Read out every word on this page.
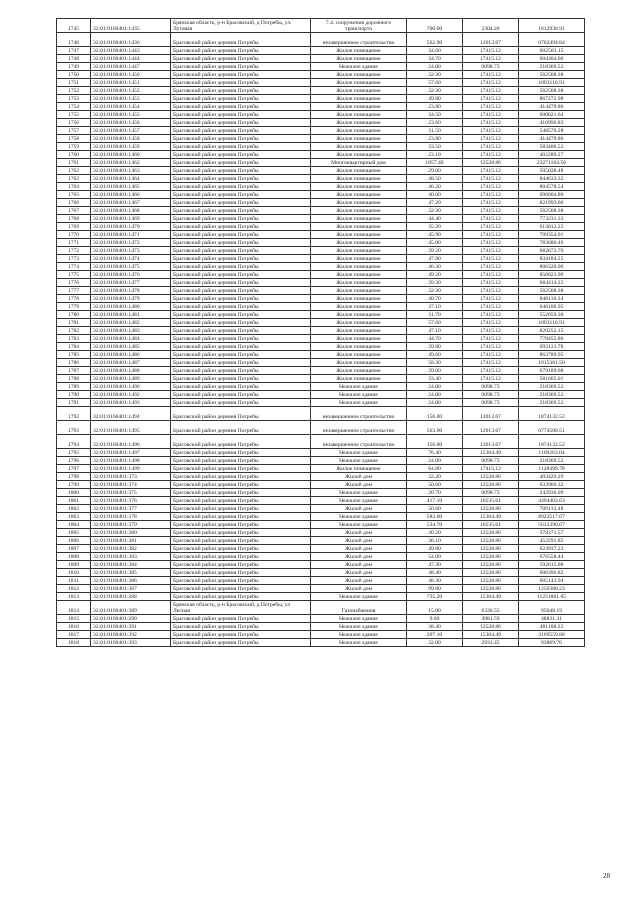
1745	32:01:0160401:1435	Брянская область, р-н Брасовский, д Погребы, ул. Луговая	7.4. сооружения дорожного транспорта	700.00	2304.20	1612938.91
1746	32:01:0160401:1436	Брасовский район деревня Погребы	незавершенное строительство	562.90	12013.67	6762494.84
1747	32:01:0160401:1443	Брасовский район деревня Погребы	Жилое помещение	34.60	17415.12	602563.15
1748	32:01:0160401:1444	Брасовский район деревня Погребы	Жилое помещение	34.70	17415.12	604304.66
1749	32:01:0160401:1447	Брасовский район деревня Погребы	Нежилое здание	24.00	9098.73	218369.52
1750	32:01:0160401:1450	Брасовский район деревня Погребы	Жилое помещение	32.30	17415.12	562508.38
1751	32:01:0160401:1451	Брасовский район деревня Погребы	Жилое помещение	57.60	17415.12	1003110.91
1752	32:01:0160401:1452	Брасовский район деревня Погребы	Жилое помещение	32.30	17415.12	562508.38
1753	32:01:0160401:1453	Брасовский район деревня Погребы	Жилое помещение	49.80	17415.12	867272.98
1754	32:01:0160401:1454	Брасовский район деревня Погребы	Жилое помещение	23.80	17415.12	414479.86
1755	32:01:0160401:1455	Брасовский район деревня Погребы	Жилое помещение	34.50	17415.12	600821.64
1756	32:01:0160401:1456	Брасовский район деревня Погребы	Жилое помещение	23.60	17415.12	410996.83
1757	32:01:0160401:1457	Брасовский район деревня Погребы	Жилое помещение	31.50	17415.12	548576.28
1758	32:01:0160401:1458	Брасовский район деревня Погребы	Жилое помещение	23.80	17415.12	414479.86
1759	32:01:0160401:1459	Брасовский район деревня Погребы	Жилое помещение	33.50	17415.12	583406.52
1760	32:01:0160401:1460	Брасовский район деревня Погребы	Жилое помещение	23.10	17415.12	402289.27
1761	32:01:0160401:1462	Брасовский район деревня Погребы	Многоквартирный дом	1857.40	12528.86	23271104.56
1762	32:01:0160401:1463	Брасовский район деревня Погребы	Жилое помещение	29.00	17415.12	505038.48
1763	32:01:0160401:1464	Брасовский район деревня Погребы	Жилое помещение	48.50	17415.12	844633.32
1764	32:01:0160401:1465	Брасовский район деревня Погребы	Жилое помещение	46.20	17415.12	804578.54
1765	32:01:0160401:1466	Брасовский район деревня Погребы	Жилое помещение	40.00	17415.12	696604.80
1766	32:01:0160401:1467	Брасовский район деревня Погребы	Жилое помещение	47.20	17415.12	821993.66
1767	32:01:0160401:1468	Брасовский район деревня Погребы	Жилое помещение	32.30	17415.12	562508.38
1768	32:01:0160401:1469	Брасовский район деревня Погребы	Жилое помещение	44.40	17415.12	773231.33
1769	32:01:0160401:1470	Брасовский район деревня Погребы	Жилое помещение	35.20	17415.12	613012.22
1770	32:01:0160401:1471	Брасовский район деревня Погребы	Жилое помещение	45.90	17415.12	799354.01
1771	32:01:0160401:1472	Брасовский район деревня Погребы	Жилое помещение	45.00	17415.12	783680.40
1772	32:01:0160401:1473	Брасовский район деревня Погребы	Жилое помещение	39.20	17415.12	682672.70
1773	32:01:0160401:1474	Брасовский район деревня Погребы	Жилое помещение	47.90	17415.12	834184.25
1774	32:01:0160401:1475	Брасовский район деревня Погребы	Жилое помещение	46.30	17415.12	806320.06
1775	32:01:0160401:1476	Брасовский район деревня Погребы	Жилое помещение	49.20	17415.12	856823.90
1776	32:01:0160401:1477	Брасовский район деревня Погребы	Жилое помещение	39.30	17415.12	684414.22
1777	32:01:0160401:1478	Брасовский район деревня Погребы	Жилое помещение	32.30	17415.12	562508.38
1778	32:01:0160401:1479	Брасовский район деревня Погребы	Жилое помещение	48.70	17415.12	848116.34
1779	32:01:0160401:1480	Брасовский район деревня Погребы	Жилое помещение	37.10	17415.12	646100.95
1780	32:01:0160401:1481	Брасовский район деревня Погребы	Жилое помещение	31.70	17415.12	552059.30
1781	32:01:0160401:1482	Брасовский район деревня Погребы	Жилое помещение	57.60	17415.12	1003110.91
1782	32:01:0160401:1483	Брасовский район деревня Погребы	Жилое помещение	47.10	17415.12	820252.15
1783	32:01:0160401:1484	Брасовский район деревня Погребы	Жилое помещение	44.70	17415.12	778455.86
1784	32:01:0160401:1485	Брасовский район деревня Погребы	Жилое помещение	39.80	17415.12	693121.78
1785	32:01:0160401:1486	Брасовский район деревня Погребы	Жилое помещение	49.60	17415.12	863789.95
1786	32:01:0160401:1487	Брасовский район деревня Погребы	Жилое помещение	58.30	17415.12	1015301.50
1787	32:01:0160401:1488	Брасовский район деревня Погребы	Жилое помещение	39.00	17415.12	679189.68
1788	32:01:0160401:1489	Брасовский район деревня Погребы	Жилое помещение	33.40	17415.12	581665.01
1789	32:01:0160401:1490	Брасовский район деревня Погребы	Нежилое здание	24.00	9098.73	218369.52
1790	32:01:0160401:1492	Брасовский район деревня Погребы	Нежилое здание	24.00	9098.73	218369.52
1791	32:01:0160401:1493	Брасовский район деревня Погребы	Нежилое здание	24.00	9098.73	218369.52
1792	32:01:0160401:1494	Брасовский район деревня Погребы	незавершенное строительство	156.00	12013.67	1874132.52
1793	32:01:0160401:1495	Брасовский район деревня Погребы	незавершенное строительство	563.90	12013.67	6774508.51
1794	32:01:0160401:1496	Брасовский район деревня Погребы	незавершенное строительство	156.00	12013.67	1874132.52
1795	32:01:0160401:1497	Брасовский район деревня Погребы	Нежилое здание	76.40	15304.49	1169263.04
1796	32:01:0160401:1498	Брасовский район деревня Погребы	Нежилое здание	24.00	9098.73	218369.52
1797	32:01:0160401:1499	Брасовский район деревня Погребы	Жилое помещение	64.80	17415.12	1128499.78
1798	32:01:0160401:373	Брасовский район деревня Погребы	Жилой дом	32.20	12528.86	403429.29
1799	32:01:0160401:374	Брасовский район деревня Погребы	Жилой дом	50.60	12528.86	633960.32
1800	32:01:0160401:375	Брасовский район деревня Погребы	Нежилое здание	26.70	9098.73	242936.09
1801	32:01:0160401:376	Брасовский район деревня Погребы	Нежилое здание	417.10	10535.61	4394403.63
1802	32:01:0160401:377	Брасовский район деревня Погребы	Жилой дом	56.60	12528.86	709133.48
1803	32:01:0160401:378	Брасовский район деревня Погребы	Нежилое здание	583.00	15304.49	8922517.67
1804	32:01:0160401:379	Брасовский район деревня Погребы	Нежилое здание	534.70	10535.61	5633390.67
1805	32:01:0160401:380	Брасовский район деревня Погребы	Жилой дом	30.20	12528.86	378371.57
1806	32:01:0160401:381	Брасовский район деревня Погребы	Жилой дом	36.10	12528.86	452291.85
1807	32:01:0160401:382	Брасовский район деревня Погребы	Жилой дом	49.80	12528.86	623937.23
1808	32:01:0160401:383	Брасовский район деревня Погребы	Жилой дом	54.00	12528.86	676558.44
1809	32:01:0160401:384	Брасовский район деревня Погребы	Жилой дом	47.30	12528.86	592615.08
1810	32:01:0160401:385	Брасовский район деревня Погребы	Жилой дом	48.40	12528.86	606396.82
1811	32:01:0160401:386	Брасовский район деревня Погребы	Жилой дом	48.30	12528.86	605143.94
1812	32:01:0160401:387	Брасовский район деревня Погребы	Жилой дом	99.80	12528.86	1250380.23
1813	32:01:0160401:388	Брасовский район деревня Погребы	Нежилое здание	735.20	15304.49	11251861.05
1814	32:01:0160401:389	Брянская область, р-н Брасовский, д Погребы, ул Лесная	Газонабжения	15.00	6336.55	95048.19
1815	32:01:0160401:390	Брасовский район деревня Погребы	Нежилое здание	9.60	4981.59	48831.31
1816	32:01:0160401:391	Брасовский район деревня Погребы	Нежилое здание	38.40	12528.86	481108.22
1817	32:01:0160401:392	Брасовский район деревня Погребы	Нежилое здание	207.10	15304.49	3169559.88
1818	32:01:0160401:393	Брасовский район деревня Погребы	Нежилое здание	32.00	2933.45	93869.76
28
